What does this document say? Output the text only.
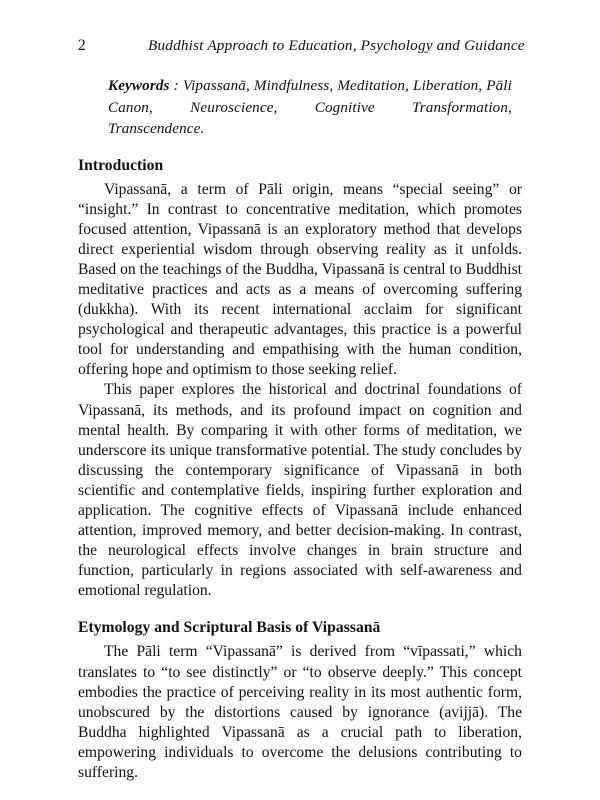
2	Buddhist Approach to Education, Psychology and Guidance

Keywords : Vipassanā, Mindfulness, Meditation, Liberation, Pāli Canon, Neuroscience, Cognitive Transformation, Transcendence.

Introduction

Vipassanā, a term of Pāli origin, means “special seeing” or “insight.” In contrast to concentrative meditation, which promotes focused attention, Vipassanā is an exploratory method that develops direct experiential wisdom through observing reality as it unfolds. Based on the teachings of the Buddha, Vipassanā is central to Buddhist meditative practices and acts as a means of overcoming suffering (dukkha). With its recent international acclaim for significant psychological and therapeutic advantages, this practice is a powerful tool for understanding and empathising with the human condition, offering hope and optimism to those seeking relief.

This paper explores the historical and doctrinal foundations of Vipassanā, its methods, and its profound impact on cognition and mental health. By comparing it with other forms of meditation, we underscore its unique transformative potential. The study concludes by discussing the contemporary significance of Vipassanā in both scientific and contemplative fields, inspiring further exploration and application. The cognitive effects of Vipassanā include enhanced attention, improved memory, and better decision-making. In contrast, the neurological effects involve changes in brain structure and function, particularly in regions associated with self-awareness and emotional regulation.

Etymology and Scriptural Basis of Vipassanā

The Pāli term “Vipassanā” is derived from “vīpassati,” which translates to “to see distinctly” or “to observe deeply.” This concept embodies the practice of perceiving reality in its most authentic form, unobscured by the distortions caused by ignorance (avijjā). The Buddha highlighted Vipassanā as a crucial path to liberation, empowering individuals to overcome the delusions contributing to suffering.
